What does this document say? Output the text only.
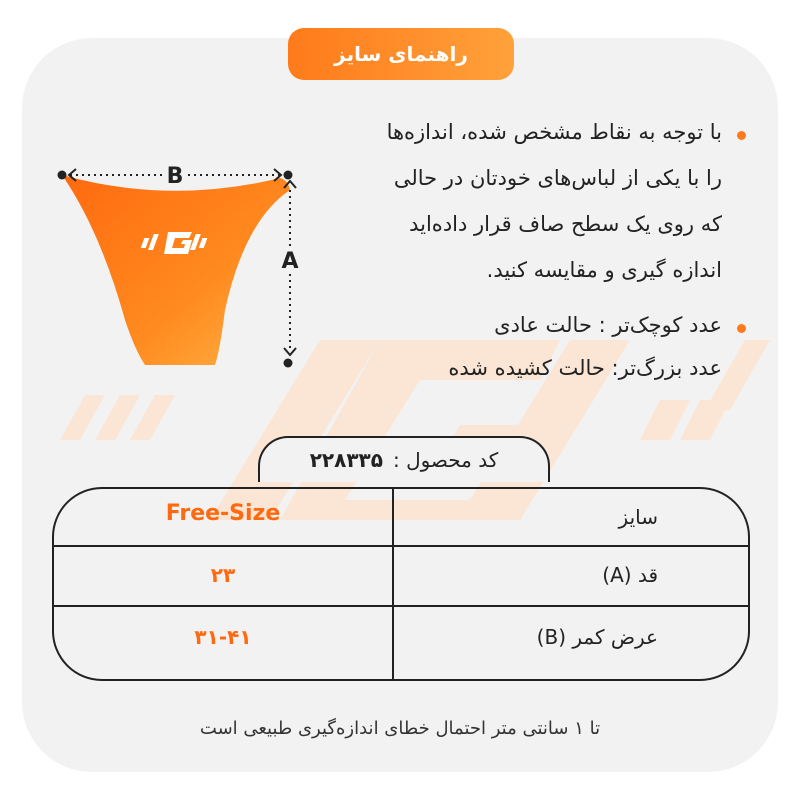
راهنمای سایز
B
A
با توجه به نقاط مشخص شده، اندازه‌ها
را با یکی از لباس‌های خودتان در حالی
که روی یک سطح صاف قرار داده‌اید
اندازه گیری و مقایسه کنید.
عدد کوچک‌تر : حالت عادی
عدد بزرگ‌تر: حالت کشیده شده
کد محصول :
۲۲۸۳۳۵
سایز
Free-Size
قد (A)
۲۳
عرض کمر (B)
۳۱-۴۱
تا ۱ سانتی متر احتمال خطای اندازه‌گیری طبیعی است
